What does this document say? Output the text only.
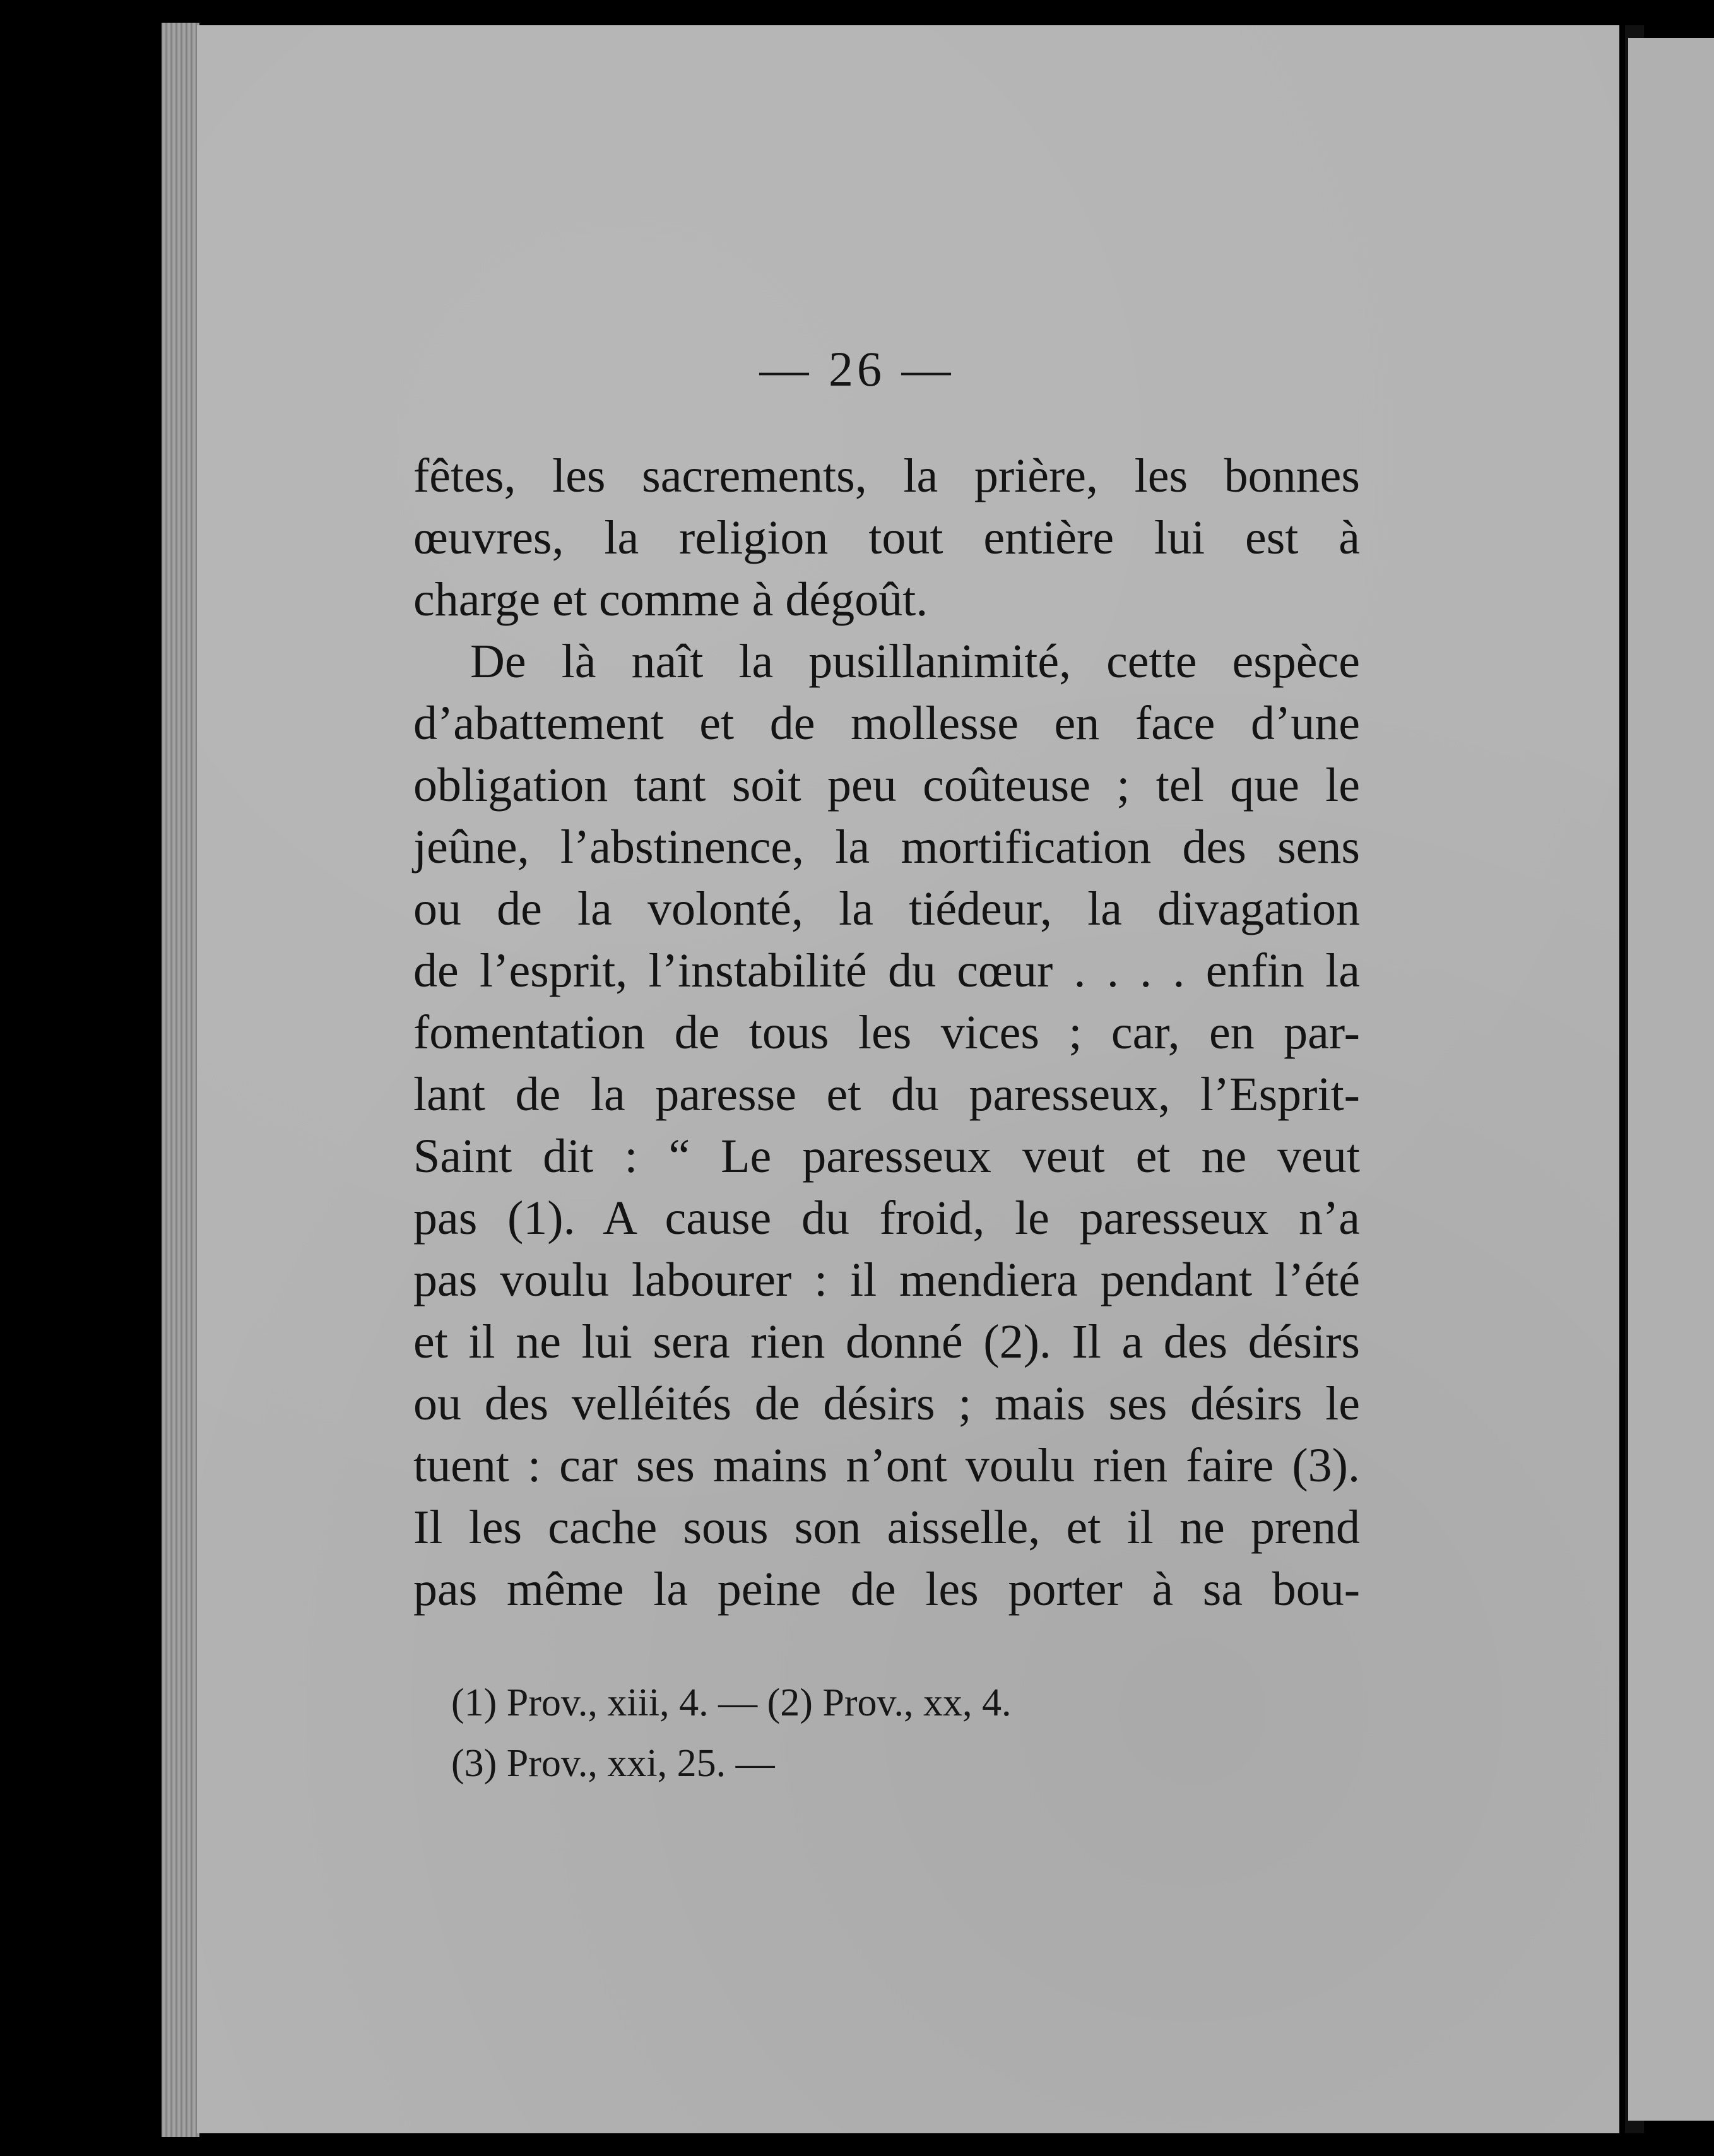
— 26 —
fêtes, les sacrements, la prière, les bonnes
œuvres, la religion tout entière lui est à
charge et comme à dégoût.
De là naît la pusillanimité, cette espèce
d’abattement et de mollesse en face d’une
obligation tant soit peu coûteuse ; tel que le
jeûne, l’abstinence, la mortification des sens
ou de la volonté, la tiédeur, la divagation
de l’esprit, l’instabilité du cœur . . . . enfin la
fomentation de tous les vices ; car, en par-
lant de la paresse et du paresseux, l’Esprit-
Saint dit : “ Le paresseux veut et ne veut
pas (1). A cause du froid, le paresseux n’a
pas voulu labourer : il mendiera pendant l’été
et il ne lui sera rien donné (2). Il a des désirs
ou des velléités de désirs ; mais ses désirs le
tuent : car ses mains n’ont voulu rien faire (3).
Il les cache sous son aisselle, et il ne prend
pas même la peine de les porter à sa bou-
(1) Prov., xiii, 4. — (2) Prov., xx, 4.
(3) Prov., xxi, 25. —
